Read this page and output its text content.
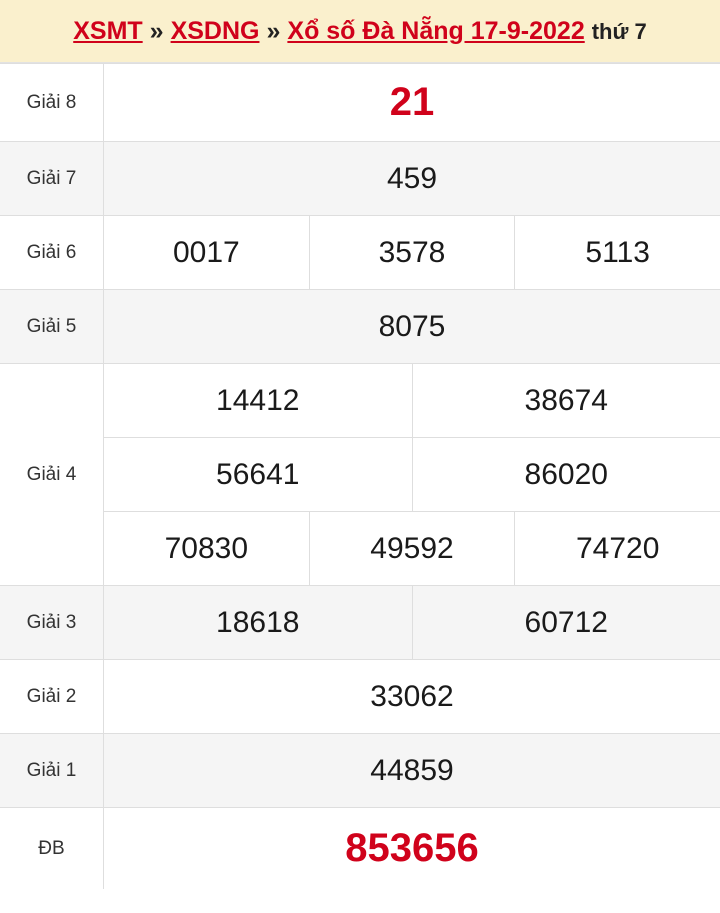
XSMT » XSDNG » Xổ số Đà Nẵng 17-9-2022 thứ 7
Giải 8	21
Giải 7	459
Giải 6	0017	3578	5113
Giải 5	8075
Giải 4
14412	38674
56641	86020
70830	49592	74720
Giải 3	18618	60712
Giải 2	33062
Giải 1	44859
ĐB	853656
